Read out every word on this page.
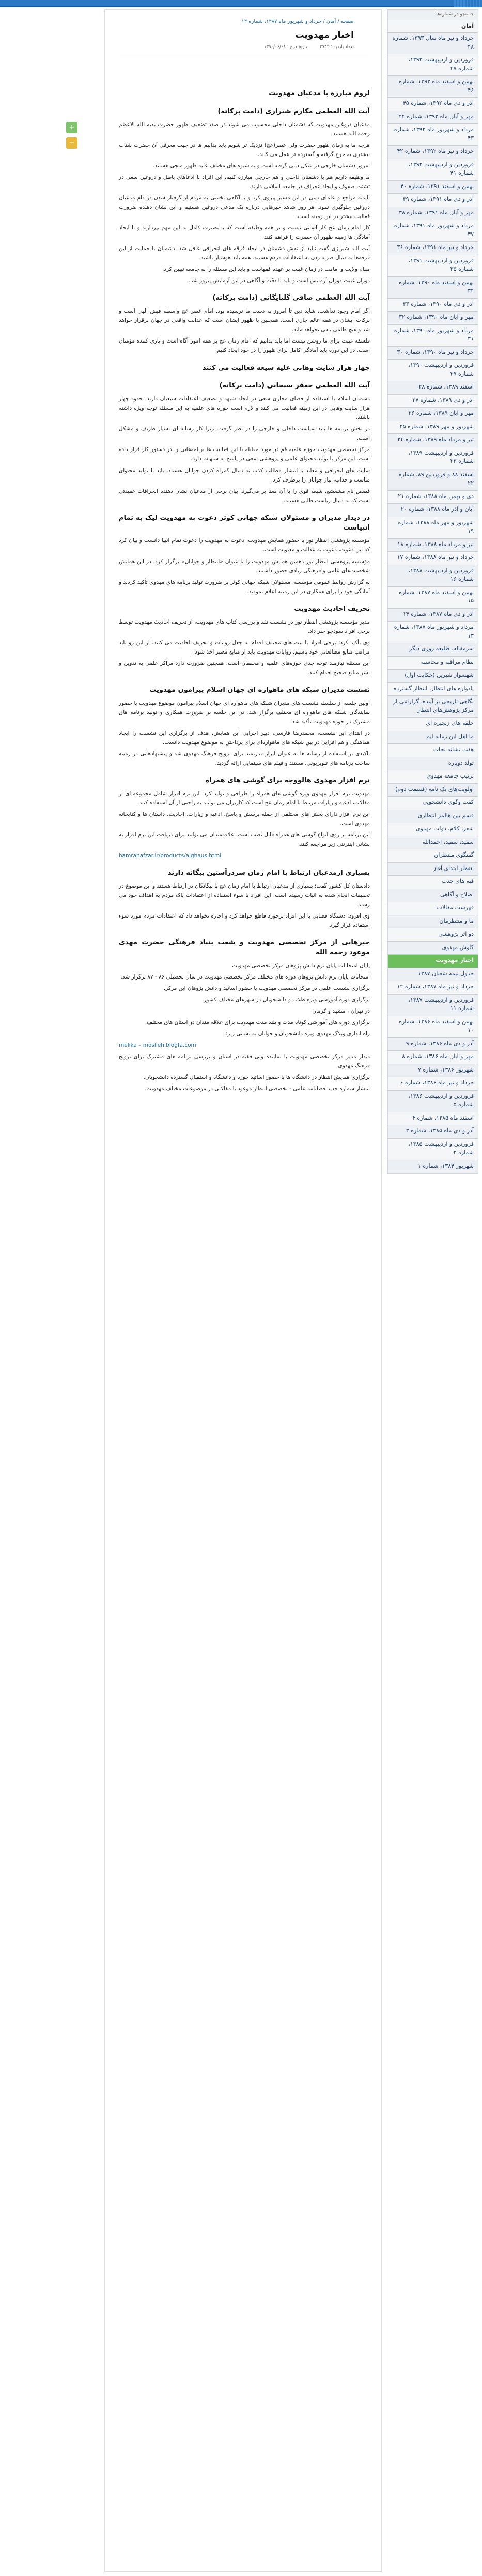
صفحه/آمان/خرداد و شهریور ماه ۱۳۸۷، شماره ۱۳
اخبار مهدویت
تعداد بازدید : ۳۷۴۴ تاریخ درج : ۱۳۹۰/۰۶/۰۸
لزوم مبارزه با مدعیان مهدویت
آیت الله العظمی مکارم شیرازی (دامت برکاته)

مدعیان دروغین مهدویت که دشمنان داخلی محسوب می شوند در صدد تضعیف ظهور حضرت بقیه الله الاعظم رحمه الله هستند.

هرچه ما به زمان ظهور حضرت ولی عصر(عج) نزدیک تر شویم باید بدانیم ها در جهت معرفی آن حضرت شتاب بیشتری به خرج گرفته و گسترده تر عمل می کنند.

امروز دشمنان خارجی در شکل دینی گرفته است و به شیوه های مختلف علیه ظهور منجی هستند.

ما وظیفه داریم هم با دشمنان داخلی و هم خارجی مبارزه کنیم، این افراد با ادعاهای باطل و دروغین سعی در تشتت صفوف و ایجاد انحراف در جامعه اسلامی دارند.

بایدبه مراجع و علمای دینی در این مسیر پیروی کرد و با آگاهی بخشی به مردم از گرفتار شدن در دام مدعیان دروغین جلوگیری نمود. هر روز شاهد خبرهایی درباره یک مدعی دروغین هستیم و این نشان دهنده ضرورت فعالیت بیشتر در این زمینه است.

کار امام زمان عج کار آسانی نیست و بر همه وظیفه است که با بصیرت کامل به این مهم بپردازند و با ایجاد آمادگی ها زمینه ظهور آن حضرت را فراهم کنند.

آیت الله شیرازی گفت نباید از نقش دشمنان در ایجاد فرقه های انحرافی غافل شد. دشمنان با حمایت از این فرقه‌ها به دنبال ضربه زدن به اعتقادات مردم هستند. همه باید هوشیار باشند.

مقام ولایت و امامت در زمان غیبت بر عهده فقهاست و باید این مسئله را به جامعه تبیین کرد.

دوران غیبت دوران آزمایش است و باید با دقت و آگاهی در این آزمایش پیروز شد.

آیت الله العظمی صافی گلپایگانی (دامت برکاته)

اگر امام وجود نداشت، شاید دین تا امروز به دست ما نرسیده بود. امام عصر عج واسطه فیض الهی است و برکات ایشان در همه عالم جاری است. همچنین با ظهور ایشان است که عدالت واقعی در جهان برقرار خواهد شد و هیچ ظلمی باقی نخواهد ماند.

فلسفه غیبت برای ما روشن نیست اما باید بدانیم که امام زمان عج بر همه امور آگاه است و یاری کننده مؤمنان است. در این دوره باید آمادگی کامل برای ظهور را در خود ایجاد کنیم.

چهار هزار سایت وهابی علیه شیعه فعالیت می کنند
آیت الله العظمی جعفر سبحانی (دامت برکاته)

دشمنان اسلام با استفاده از فضای مجازی سعی در ایجاد شبهه و تضعیف اعتقادات شیعیان دارند. حدود چهار هزار سایت وهابی در این زمینه فعالیت می کنند و لازم است حوزه های علمیه به این مسئله توجه ویژه داشته باشند.

در بخش برنامه ها باید سیاست داخلی و خارجی را در نظر گرفت، زیرا کار رسانه ای بسیار ظریف و مشکل است.

مرکز تخصصی مهدویت حوزه علمیه قم در مورد مقابله با این فعالیت ها برنامه‌هایی را در دستور کار قرار داده است. این مرکز با تولید محتوای علمی و پژوهشی سعی در پاسخ به شبهات دارد.

سایت های انحرافی و معاند با انتشار مطالب کذب به دنبال گمراه کردن جوانان هستند. باید با تولید محتوای مناسب و جذاب، نیاز جوانان را برطرف کرد.

قصص نام مشعشع، شیعه قوی را با آن معنا بر می‌گیرد. بیان برخی از مدعیان نشان دهنده انحرافات عقیدتی است که به دنبال ریاست طلبی هستند.

در دیدار مدیران و مسئولان شبکه جهانی کوثر دعوت به مهدویت لیک به تمام انبیاست

مؤسسه پژوهشی انتظار نور با حضور همایش مهدویت، دعوت به مهدویت را دعوت تمام انبیا دانست و بیان کرد که این دعوت، دعوت به عدالت و معنویت است.

مؤسسه پژوهشی انتظار نور دهمین همایش مهدویت را با عنوان «انتظار و جوانان» برگزار کرد. در این همایش شخصیت‌های علمی و فرهنگی زیادی حضور داشتند.

به گزارش روابط عمومی مؤسسه، مسئولان شبکه جهانی کوثر بر ضرورت تولید برنامه های مهدوی تأکید کردند و آمادگی خود را برای همکاری در این زمینه اعلام نمودند.

تحریف احادیث مهدویت

مدیر مؤسسه پژوهشی انتظار نور در نشست نقد و بررسی کتاب های مهدویت، از تحریف احادیث مهدویت توسط برخی افراد سودجو خبر داد.

وی تأکید کرد: برخی افراد با نیت های مختلف اقدام به جعل روایات و تحریف احادیث می کنند، از این رو باید مراقب منابع مطالعاتی خود باشیم. روایات مهدویت باید از منابع معتبر اخذ شود.

این مسئله نیازمند توجه جدی حوزه‌های علمیه و محققان است. همچنین ضرورت دارد مراکز علمی به تدوین و نشر منابع صحیح اقدام کنند.

نشست مدیران شبکه های ماهواره ای جهان اسلام پیرامون مهدویت

اولین جلسه از سلسله نشست های مدیران شبکه های ماهواره ای جهان اسلام پیرامون موضوع مهدویت با حضور نمایندگان شبکه های ماهواره ای مختلف برگزار شد. در این جلسه بر ضرورت همکاری و تولید برنامه های مشترک در حوزه مهدویت تأکید شد.

در ابتدای این نشست، محمدرضا فارسی، دبیر اجرایی این همایش، هدف از برگزاری این نشست را ایجاد هماهنگی و هم افزایی در بین شبکه های ماهواره‌ای برای پرداختن به موضوع مهدویت دانست.

تاکیدی بر استفاده از رسانه ها به عنوان ابزار قدرتمند برای ترویج فرهنگ مهدوی شد و پیشنهادهایی در زمینه ساخت برنامه های تلویزیونی، مستند و فیلم های سینمایی ارائه گردید.

نرم افزار مهدوی هالووجه برای گوشی های همراه

مهدویت نرم افزار مهدوی ویژه گوشی های همراه را طراحی و تولید کرد. این نرم افزار شامل مجموعه ای از مقالات، ادعیه و زیارات مرتبط با امام زمان عج است که کاربران می توانند به راحتی از آن استفاده کنند.

این نرم افزار دارای بخش های مختلفی از جمله پرسش و پاسخ، ادعیه و زیارات، احادیث، داستان ها و کتابخانه مهدوی است.

این برنامه بر روی انواع گوشی های همراه قابل نصب است. علاقه‌مندان می توانند برای دریافت این نرم افزار به نشانی اینترنتی زیر مراجعه کنند.

hamrahafzar.ir/products/alghaus.html

بسیاری ازمدعیان ارتباط با امام زمان سردرآستین بیگانه دارند

دادستان کل کشور گفت: بسیاری از مدعیان ارتباط با امام زمان عج با بیگانگان در ارتباط هستند و این موضوع در تحقیقات انجام شده به اثبات رسیده است. این افراد با سوء استفاده از اعتقادات پاک مردم به اهداف خود می رسند.

وی افزود: دستگاه قضایی با این افراد برخورد قاطع خواهد کرد و اجازه نخواهد داد که اعتقادات مردم مورد سوء استفاده قرار گیرد.

خبرهایی از مرکز تخصصی مهدویت و شعب بنیاد فرهنگی حضرت مهدی موعود رحمه الله

پایان امتحانات پایان ترم دانش پژوهان مرکز تخصصی مهدویت

امتحانات پایان ترم دانش پژوهان دوره های مختلف مرکز تخصصی مهدویت در سال تحصیلی ۸۶ - ۸۷ برگزار شد.

برگزاری نشست علمی در مرکز تخصصی مهدویت با حضور اساتید و دانش پژوهان این مرکز.

برگزاری دوره آموزشی ویژه طلاب و دانشجویان در شهرهای مختلف کشور.

در تهران ، مشهد و کرمان

برگزاری دوره های آموزشی کوتاه مدت و بلند مدت مهدویت برای علاقه مندان در استان های مختلف.

راه اندازی وبلاگ مهدوی ویژه دانشجویان و جوانان به نشانی زیر:

melika – moslleh.blogfa.com

دیدار مدیر مرکز تخصصی مهدویت با نماینده ولی فقیه در استان و بررسی برنامه های مشترک برای ترویج فرهنگ مهدوی.

برگزاری همایش انتظار در دانشگاه ها با حضور اساتید حوزه و دانشگاه و استقبال گسترده دانشجویان.

انتشار شماره جدید فصلنامه علمی - تخصصی انتظار موعود با مقالاتی در موضوعات مختلف مهدویت.

+
−
جستجو در شماره‌ها
آمان
خرداد و تیر ماه سال ۱۳۹۳، شماره ۴۸
فروردین و اردیبهشت ۱۳۹۳، شماره ۴۷
بهمن و اسفند ماه ۱۳۹۲، شماره ۴۶
آذر و دی ماه ۱۳۹۲، شماره ۴۵
مهر و آبان ماه ۱۳۹۲، شماره ۴۴
مرداد و شهریور ماه ۱۳۹۲، شماره ۴۳
خرداد و تیر ماه ۱۳۹۲، شماره ۴۲
فروردین و اردیبهشت ۱۳۹۲، شماره ۴۱
بهمن و اسفند ۱۳۹۱، شماره ۴۰
آذر و دی ماه ۱۳۹۱، شماره ۳۹
مهر و آبان ماه ۱۳۹۱، شماره ۳۸
مرداد و شهریور ماه ۱۳۹۱، شماره ۳۷
خرداد و تیر ماه ۱۳۹۱، شماره ۳۶
فروردین و اردیبهشت ۱۳۹۱، شماره ۳۵
بهمن و اسفند ماه ۱۳۹۰، شماره ۳۴
آذر و دی ماه ۱۳۹۰، شماره ۳۳
مهر و آبان ماه ۱۳۹۰، شماره ۳۲
مرداد و شهریور ماه ۱۳۹۰، شماره ۳۱
خرداد و تیر ماه ۱۳۹۰، شماره ۳۰
فروردین و اردیبهشت ۱۳۹۰، شماره ۲۹
اسفند ۱۳۸۹، شماره ۲۸
آذر و دی ۱۳۸۹، شماره ۲۷
مهر و آبان ۱۳۸۹، شماره ۲۶
شهریور و مهر ۱۳۸۹، شماره ۲۵
تیر و مرداد ماه ۱۳۸۹، شماره ۲۴
فروردین و اردیبهشت ۱۳۸۹، شماره ۲۳
اسفند ۸۸ و فروردین ۸۹، شماره ۲۲
دی و بهمن ماه ۱۳۸۸، شماره ۲۱
آبان و آذر ماه ۱۳۸۸، شماره ۲۰
شهریور و مهر ماه ۱۳۸۸، شماره ۱۹
تیر و مرداد ماه ۱۳۸۸، شماره ۱۸
خرداد و تیر ماه ۱۳۸۸، شماره ۱۷
فروردین و اردیبهشت ۱۳۸۸، شماره ۱۶
بهمن و اسفند ماه ۱۳۸۷، شماره ۱۵
آذر و دی ماه ۱۳۸۷، شماره ۱۴
مرداد و شهریور ماه ۱۳۸۷، شماره ۱۳
سرمقاله، طلیعه روزی دیگر
نظام مراقبه و محاسبه
شهسوار شیرین (حکایت اول)
یاد‌واره های انتظار، انتظار گسترده
نگاهی تاریخی بر آینده، گزارشی از مرکز پژوهش‌های انتظار
حلقه های زنجیره ای
ما اهل این زمانه ایم
هفت نشانه نجات
تولد دوباره
ترتیب جامعه مهدوی
اولویت‌های یک نامه (قسمت دوم)
کفت وگوی دانشجویی
قسم بین هالمز انتظاری
شعر، کلام، دولت مهدوی
سفید، سفید، احمد‌الله
گفتگوی منتظران
انتظار ابتدای آغاز
قبه های جذب
اصلاح و آگاهی
فهرست مقالات
ما و منتظرمان
دو اثر پژوهشی
کاوش مهدوی
اخبار مهدویت
جدول نیمه شعبان ۱۳۸۷
خرداد و تیر ماه ۱۳۸۷، شماره ۱۲
فروردین و اردیبهشت ۱۳۸۷، شماره ۱۱
بهمن و اسفند ماه ۱۳۸۶، شماره ۱۰
آذر و دی ماه ۱۳۸۶، شماره ۹
مهر و آبان ماه ۱۳۸۶، شماره ۸
شهریور ۱۳۸۶، شماره ۷
خرداد و تیر ماه ۱۳۸۶، شماره ۶
فروردین و اردیبهشت ۱۳۸۶، شماره ۵
اسفند ماه ۱۳۸۵، شماره ۴
آذر و دی ماه ۱۳۸۵، شماره ۳
فروردین و اردیبهشت ۱۳۸۵، شماره ۲
شهریور ۱۳۸۴، شماره ۱
